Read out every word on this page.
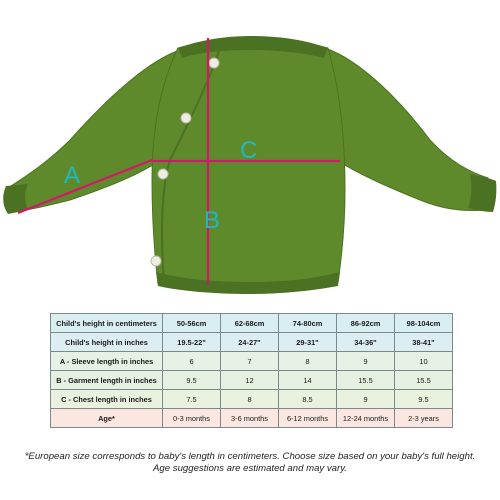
A
C
B
Child's height in centimeters	50-56cm	62-68cm	74-80cm	86-92cm	98-104cm
Child's height in inches	19.5-22"	24-27"	29-31"	34-36"	38-41"
A - Sleeve length in inches	6	7	8	9	10
B - Garment length in inches	9.5	12	14	15.5	15.5
C - Chest length in inches	7.5	8	8.5	9	9.5
Age*	0-3 months	3-6 months	6-12 months	12-24 months	2-3 years
*European size corresponds to baby's length in centimeters. Choose size based on your baby's full height.
Age suggestions are estimated and may vary.
